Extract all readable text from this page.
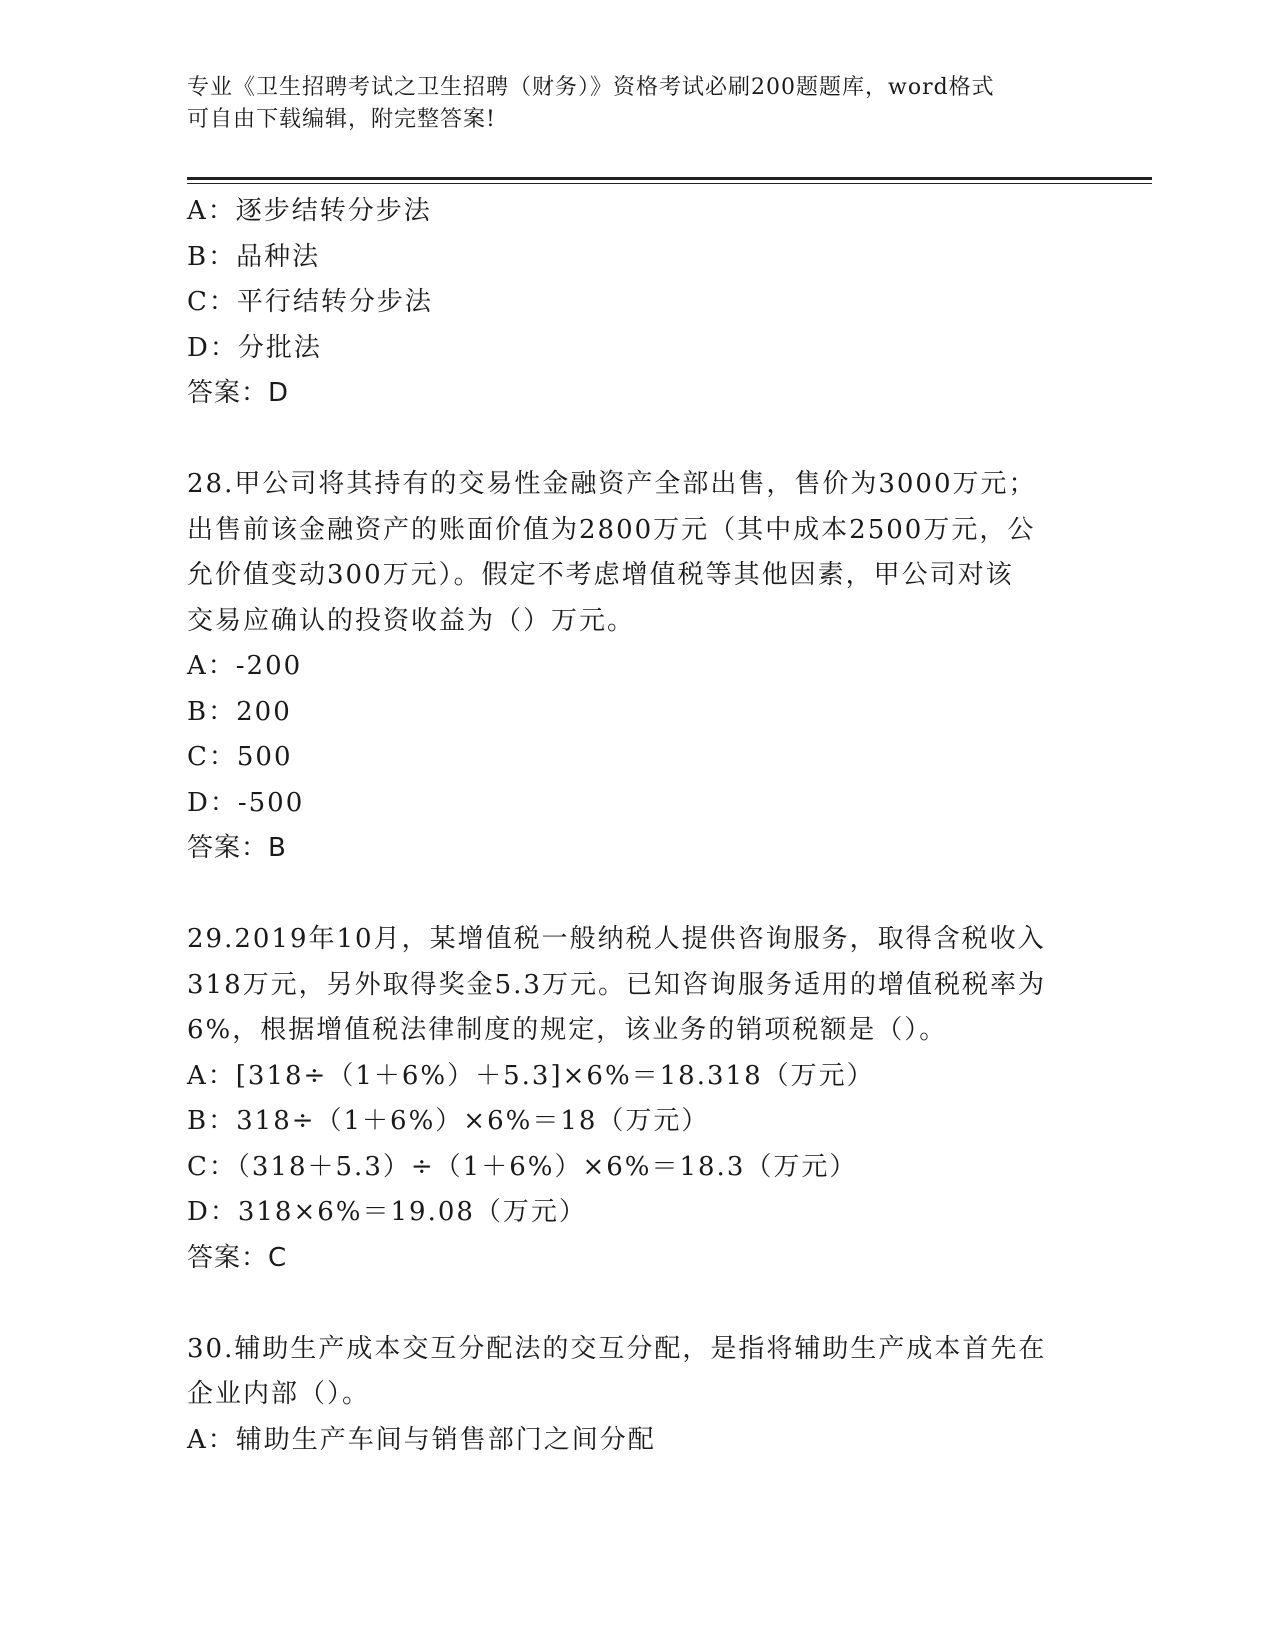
专业《卫生招聘考试之卫生招聘（财务）》资格考试必刷200题题库，word格式
可自由下载编辑，附完整答案!
A：逐步结转分步法
B：品种法
C：平行结转分步法
D：分批法
答案：D
28.甲公司将其持有的交易性金融资产全部出售，售价为3000万元；
出售前该金融资产的账面价值为2800万元（其中成本2500万元，公
允价值变动300万元）。假定不考虑增值税等其他因素，甲公司对该
交易应确认的投资收益为（）万元。
A：-200
B：200
C：500
D：-500
答案：B
29.2019年10月，某增值税一般纳税人提供咨询服务，取得含税收入
318万元，另外取得奖金5.3万元。已知咨询服务适用的增值税税率为
6%，根据增值税法律制度的规定，该业务的销项税额是（）。
A：[318÷（1＋6%）＋5.3]×6%＝18.318（万元）
B：318÷（1＋6%）×6%＝18（万元）
C：（318＋5.3）÷（1＋6%）×6%＝18.3（万元）
D：318×6%＝19.08（万元）
答案：C
30.辅助生产成本交互分配法的交互分配，是指将辅助生产成本首先在
企业内部（）。
A：辅助生产车间与销售部门之间分配
